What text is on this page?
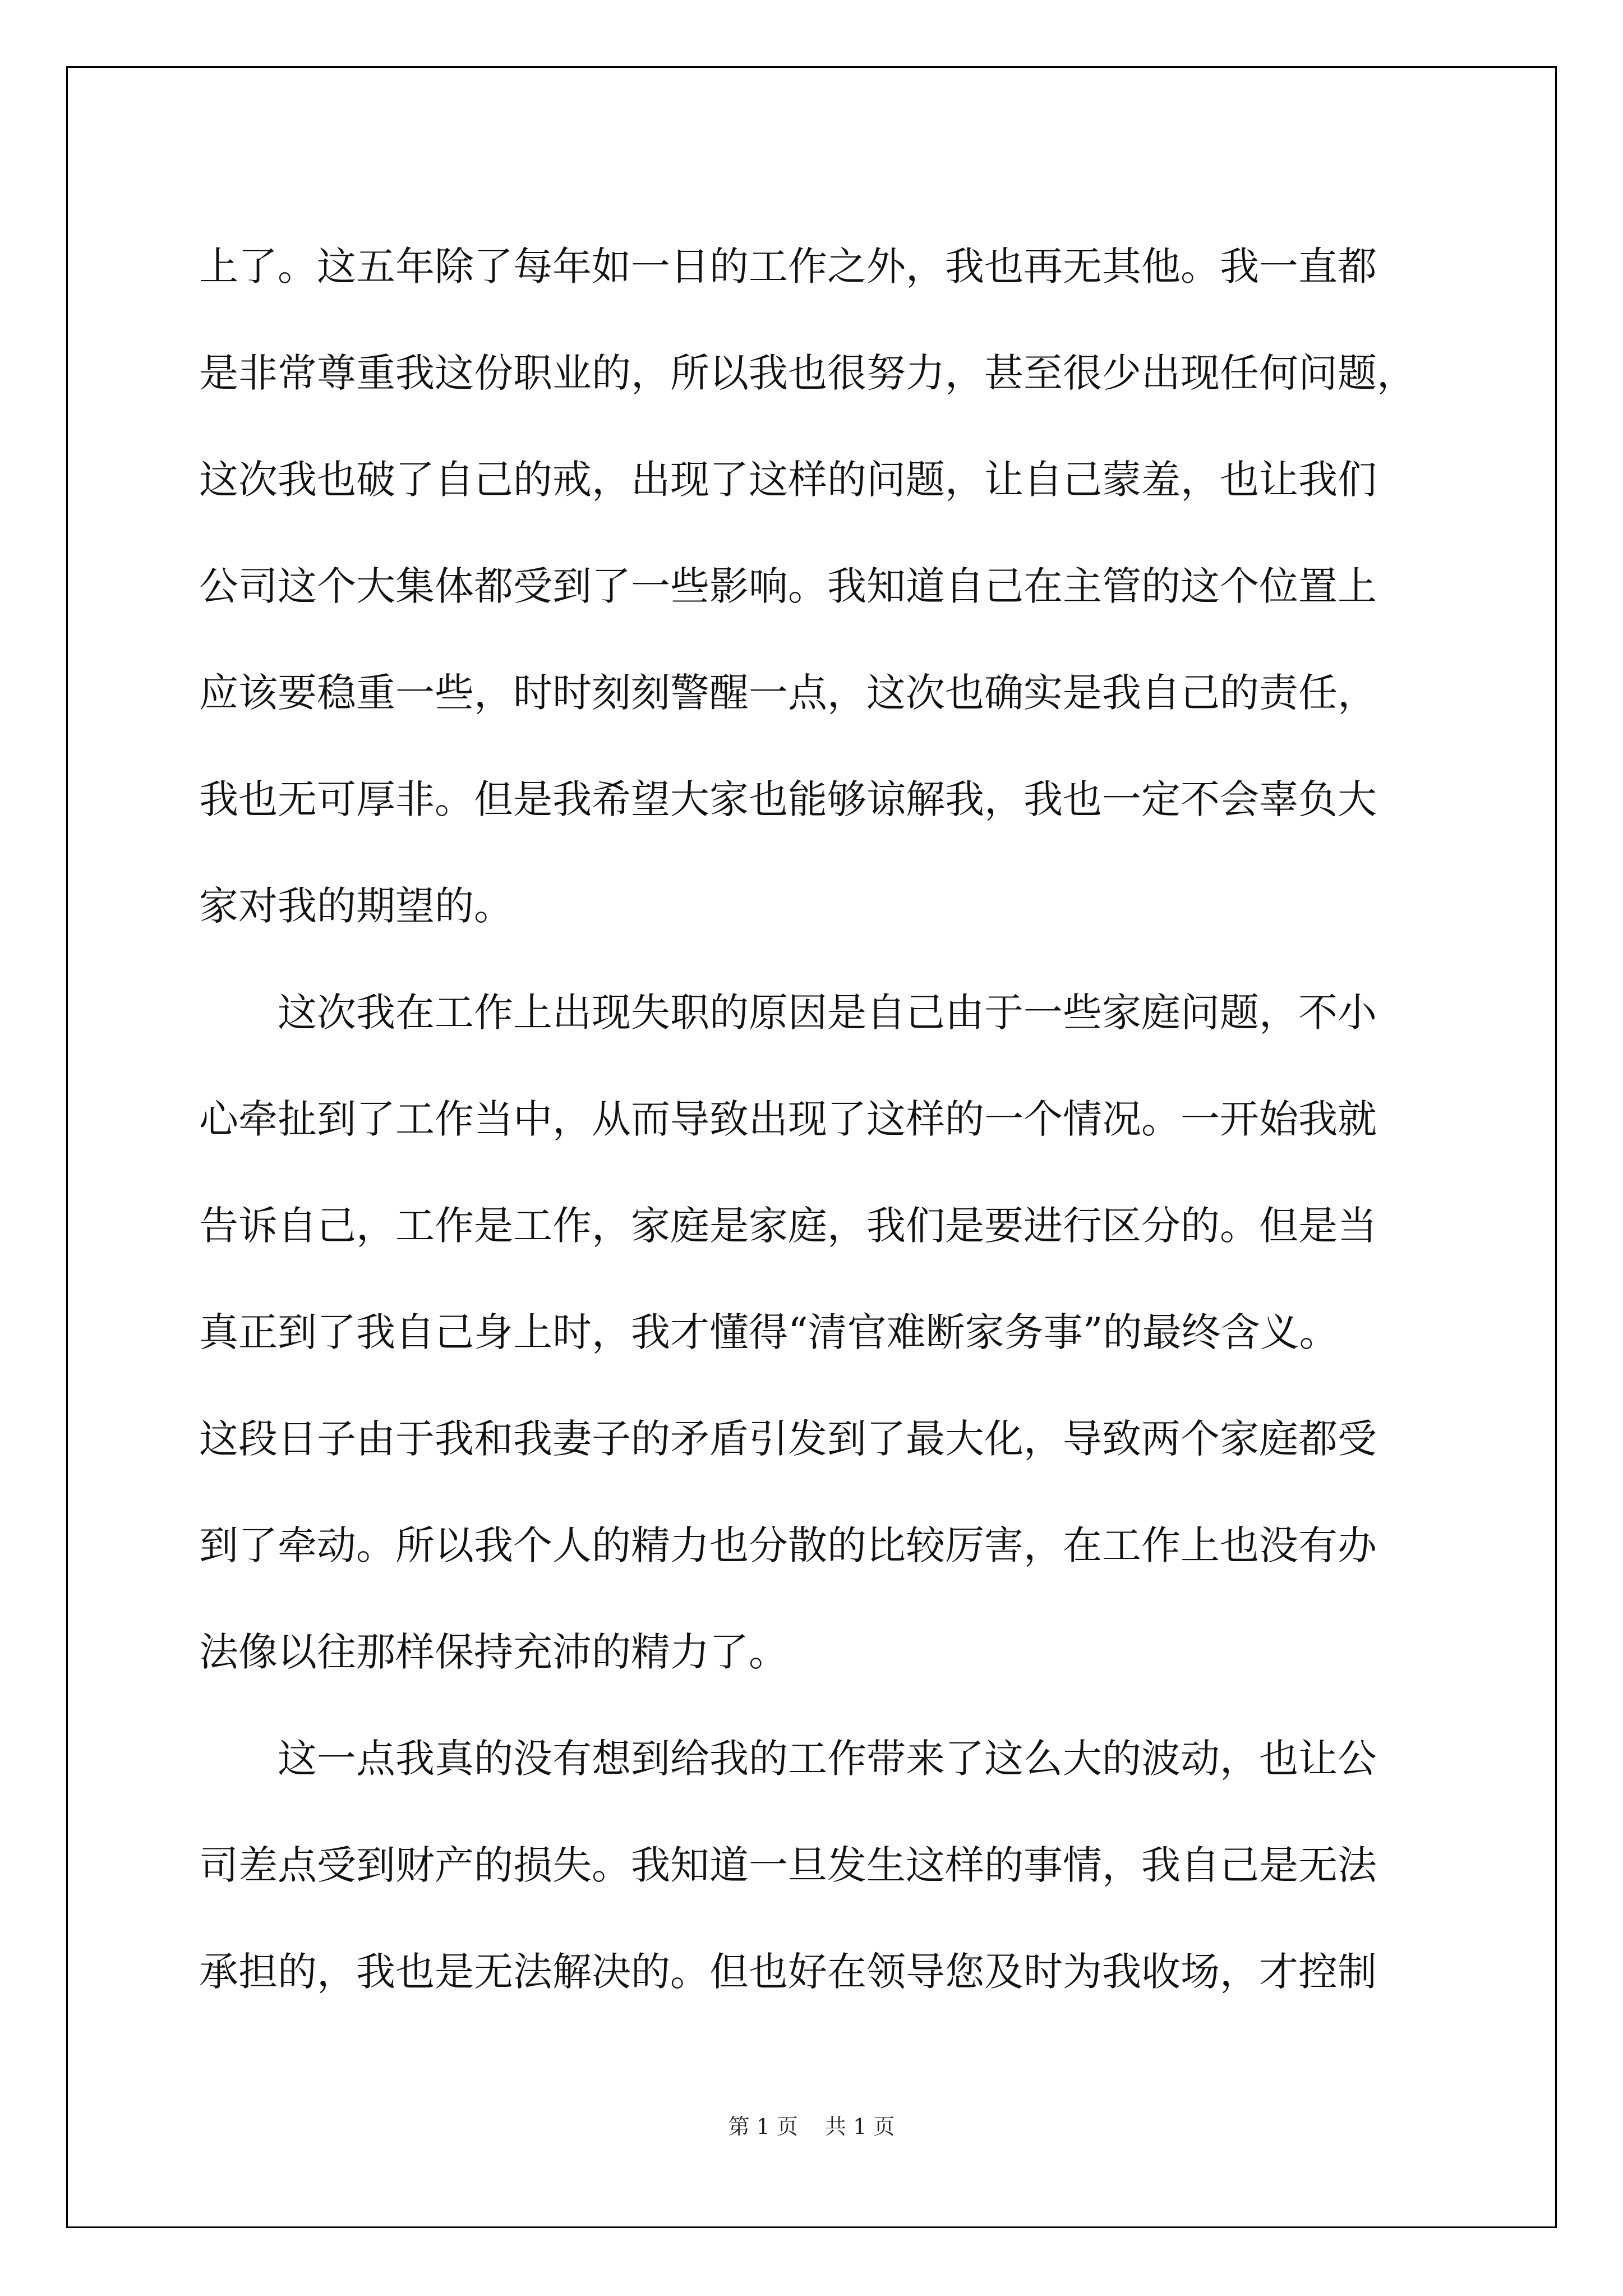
上了。这五年除了每年如一日的工作之外，我也再无其他。我一直都
是非常尊重我这份职业的，所以我也很努力，甚至很少出现任何问题，
这次我也破了自己的戒，出现了这样的问题，让自己蒙羞，也让我们
公司这个大集体都受到了一些影响。我知道自己在主管的这个位置上
应该要稳重一些，时时刻刻警醒一点，这次也确实是我自己的责任，
我也无可厚非。但是我希望大家也能够谅解我，我也一定不会辜负大
家对我的期望的。
　　这次我在工作上出现失职的原因是自己由于一些家庭问题，不小
心牵扯到了工作当中，从而导致出现了这样的一个情况。一开始我就
告诉自己，工作是工作，家庭是家庭，我们是要进行区分的。但是当
真正到了我自己身上时，我才懂得“清官难断家务事”的最终含义。
这段日子由于我和我妻子的矛盾引发到了最大化，导致两个家庭都受
到了牵动。所以我个人的精力也分散的比较厉害，在工作上也没有办
法像以往那样保持充沛的精力了。
　　这一点我真的没有想到给我的工作带来了这么大的波动，也让公
司差点受到财产的损失。我知道一旦发生这样的事情，我自己是无法
承担的，我也是无法解决的。但也好在领导您及时为我收场，才控制
第 1 页 共 1 页
